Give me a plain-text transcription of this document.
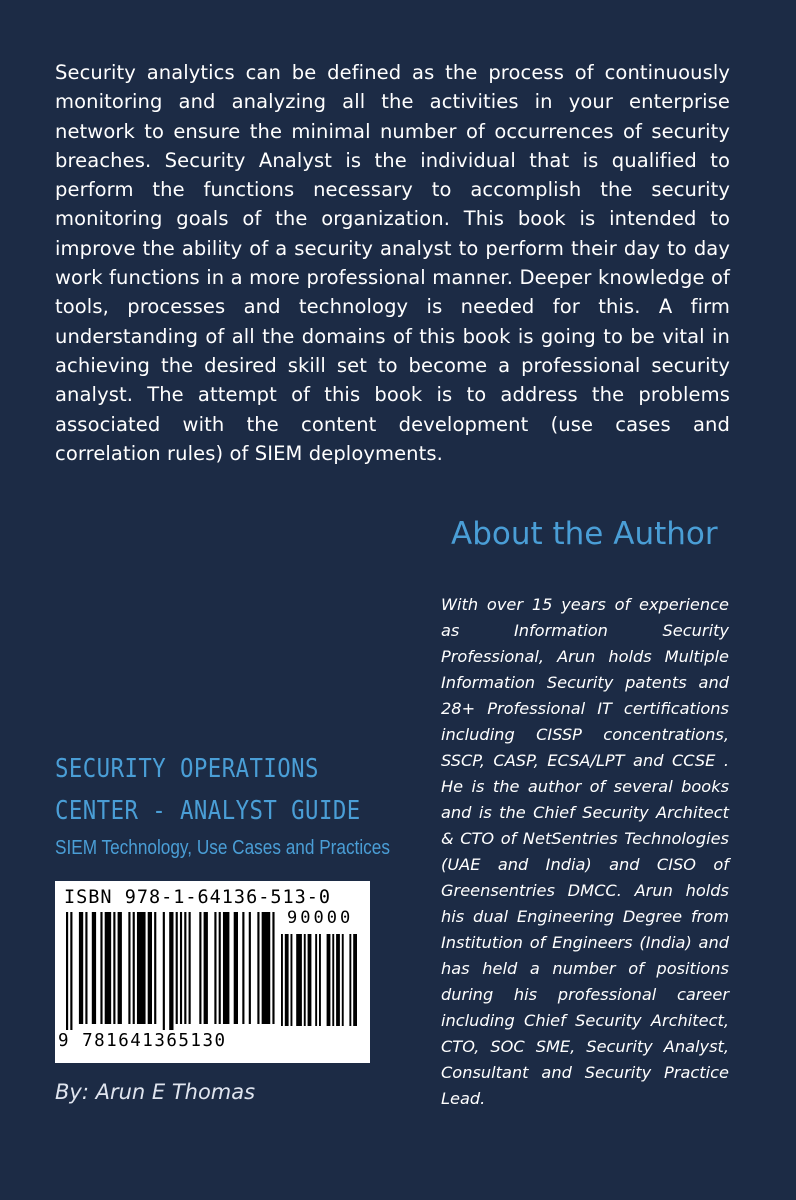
Security analytics can be defined as the process of continuously monitoring and analyzing all the activities in your enterprise network to ensure the minimal number of occurrences of security breaches. Security Analyst is the individual that is qualified to perform the functions necessary to accomplish the security monitoring goals of the organization. This book is intended to improve the ability of a security analyst to perform their day to day work functions in a more professional manner. Deeper knowledge of tools, processes and technology is needed for this. A firm understanding of all the domains of this book is going to be vital in achieving the desired skill set to become a professional security analyst. The attempt of this book is to address the problems associated with the content development (use cases and correlation rules) of SIEM deployments.
About the Author
With over 15 years of experience as Information Security Professional, Arun holds Multiple Information Security patents and 28+ Professional IT certifications including CISSP concentrations, SSCP, CASP, ECSA/LPT and CCSE . He is the author of several books and is the Chief Security Architect & CTO of NetSentries Technologies (UAE and India) and CISO of Greensentries DMCC. Arun holds his dual Engineering Degree from Institution of Engineers (India) and has held a number of positions during his professional career including Chief Security Architect, CTO, SOC SME, Security Analyst, Consultant and Security Practice Lead.
SECURITY OPERATIONS
CENTER - ANALYST GUIDE
SIEM Technology, Use Cases and Practices
ISBN 978-1-64136-513-0
90000
9 781641365130
By: Arun E Thomas
